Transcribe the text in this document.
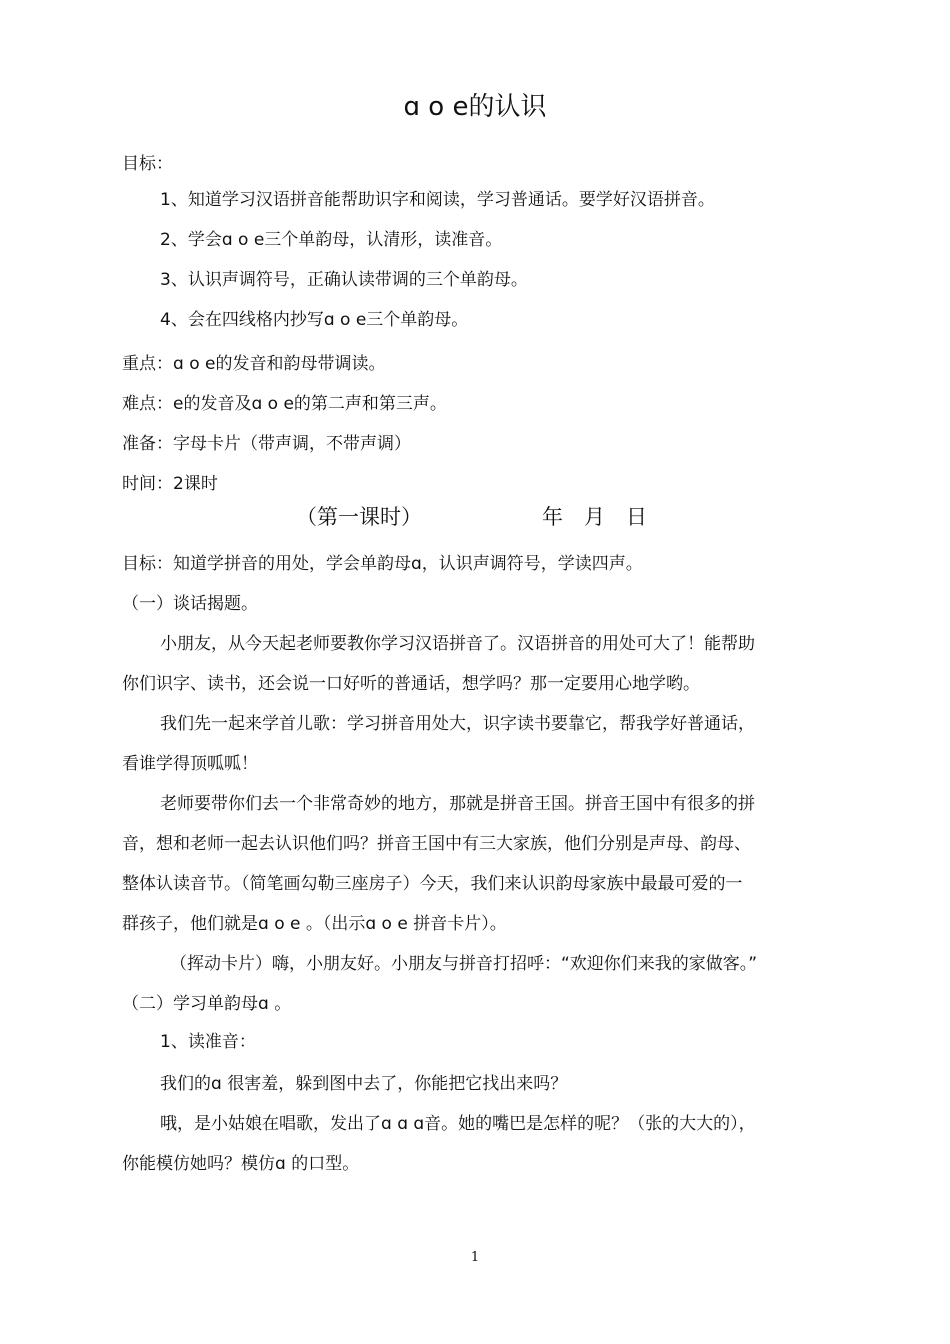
ɑ o e的认识
目标：
1、知道学习汉语拼音能帮助识字和阅读，学习普通话。要学好汉语拼音。
2、学会ɑ o e三个单韵母，认清形，读准音。
3、认识声调符号，正确认读带调的三个单韵母。
4、会在四线格内抄写ɑ o e三个单韵母。
重点：ɑ o e的发音和韵母带调读。
难点：e的发音及ɑ o e的第二声和第三声。
准备：字母卡片（带声调，不带声调）
时间：2课时
（第一课时）	年　月　日
目标：知道学拼音的用处，学会单韵母ɑ，认识声调符号，学读四声。
（一）谈话揭题。
小朋友，从今天起老师要教你学习汉语拼音了。汉语拼音的用处可大了！能帮助
你们识字、读书，还会说一口好听的普通话，想学吗？那一定要用心地学哟。
我们先一起来学首儿歌：学习拼音用处大，识字读书要靠它，帮我学好普通话，
看谁学得顶呱呱！
老师要带你们去一个非常奇妙的地方，那就是拼音王国。拼音王国中有很多的拼
音，想和老师一起去认识他们吗？拼音王国中有三大家族，他们分别是声母、韵母、
整体认读音节。（简笔画勾勒三座房子）今天，我们来认识韵母家族中最最可爱的一
群孩子，他们就是ɑ o e 。（出示ɑ o e 拼音卡片）。
（挥动卡片）嗨，小朋友好。小朋友与拼音打招呼：“欢迎你们来我的家做客。”
（二）学习单韵母ɑ 。
1、读准音：
我们的ɑ 很害羞，躲到图中去了，你能把它找出来吗？
哦，是小姑娘在唱歌，发出了ɑ ɑ ɑ音。她的嘴巴是怎样的呢？（张的大大的），
你能模仿她吗？模仿ɑ 的口型。
1
